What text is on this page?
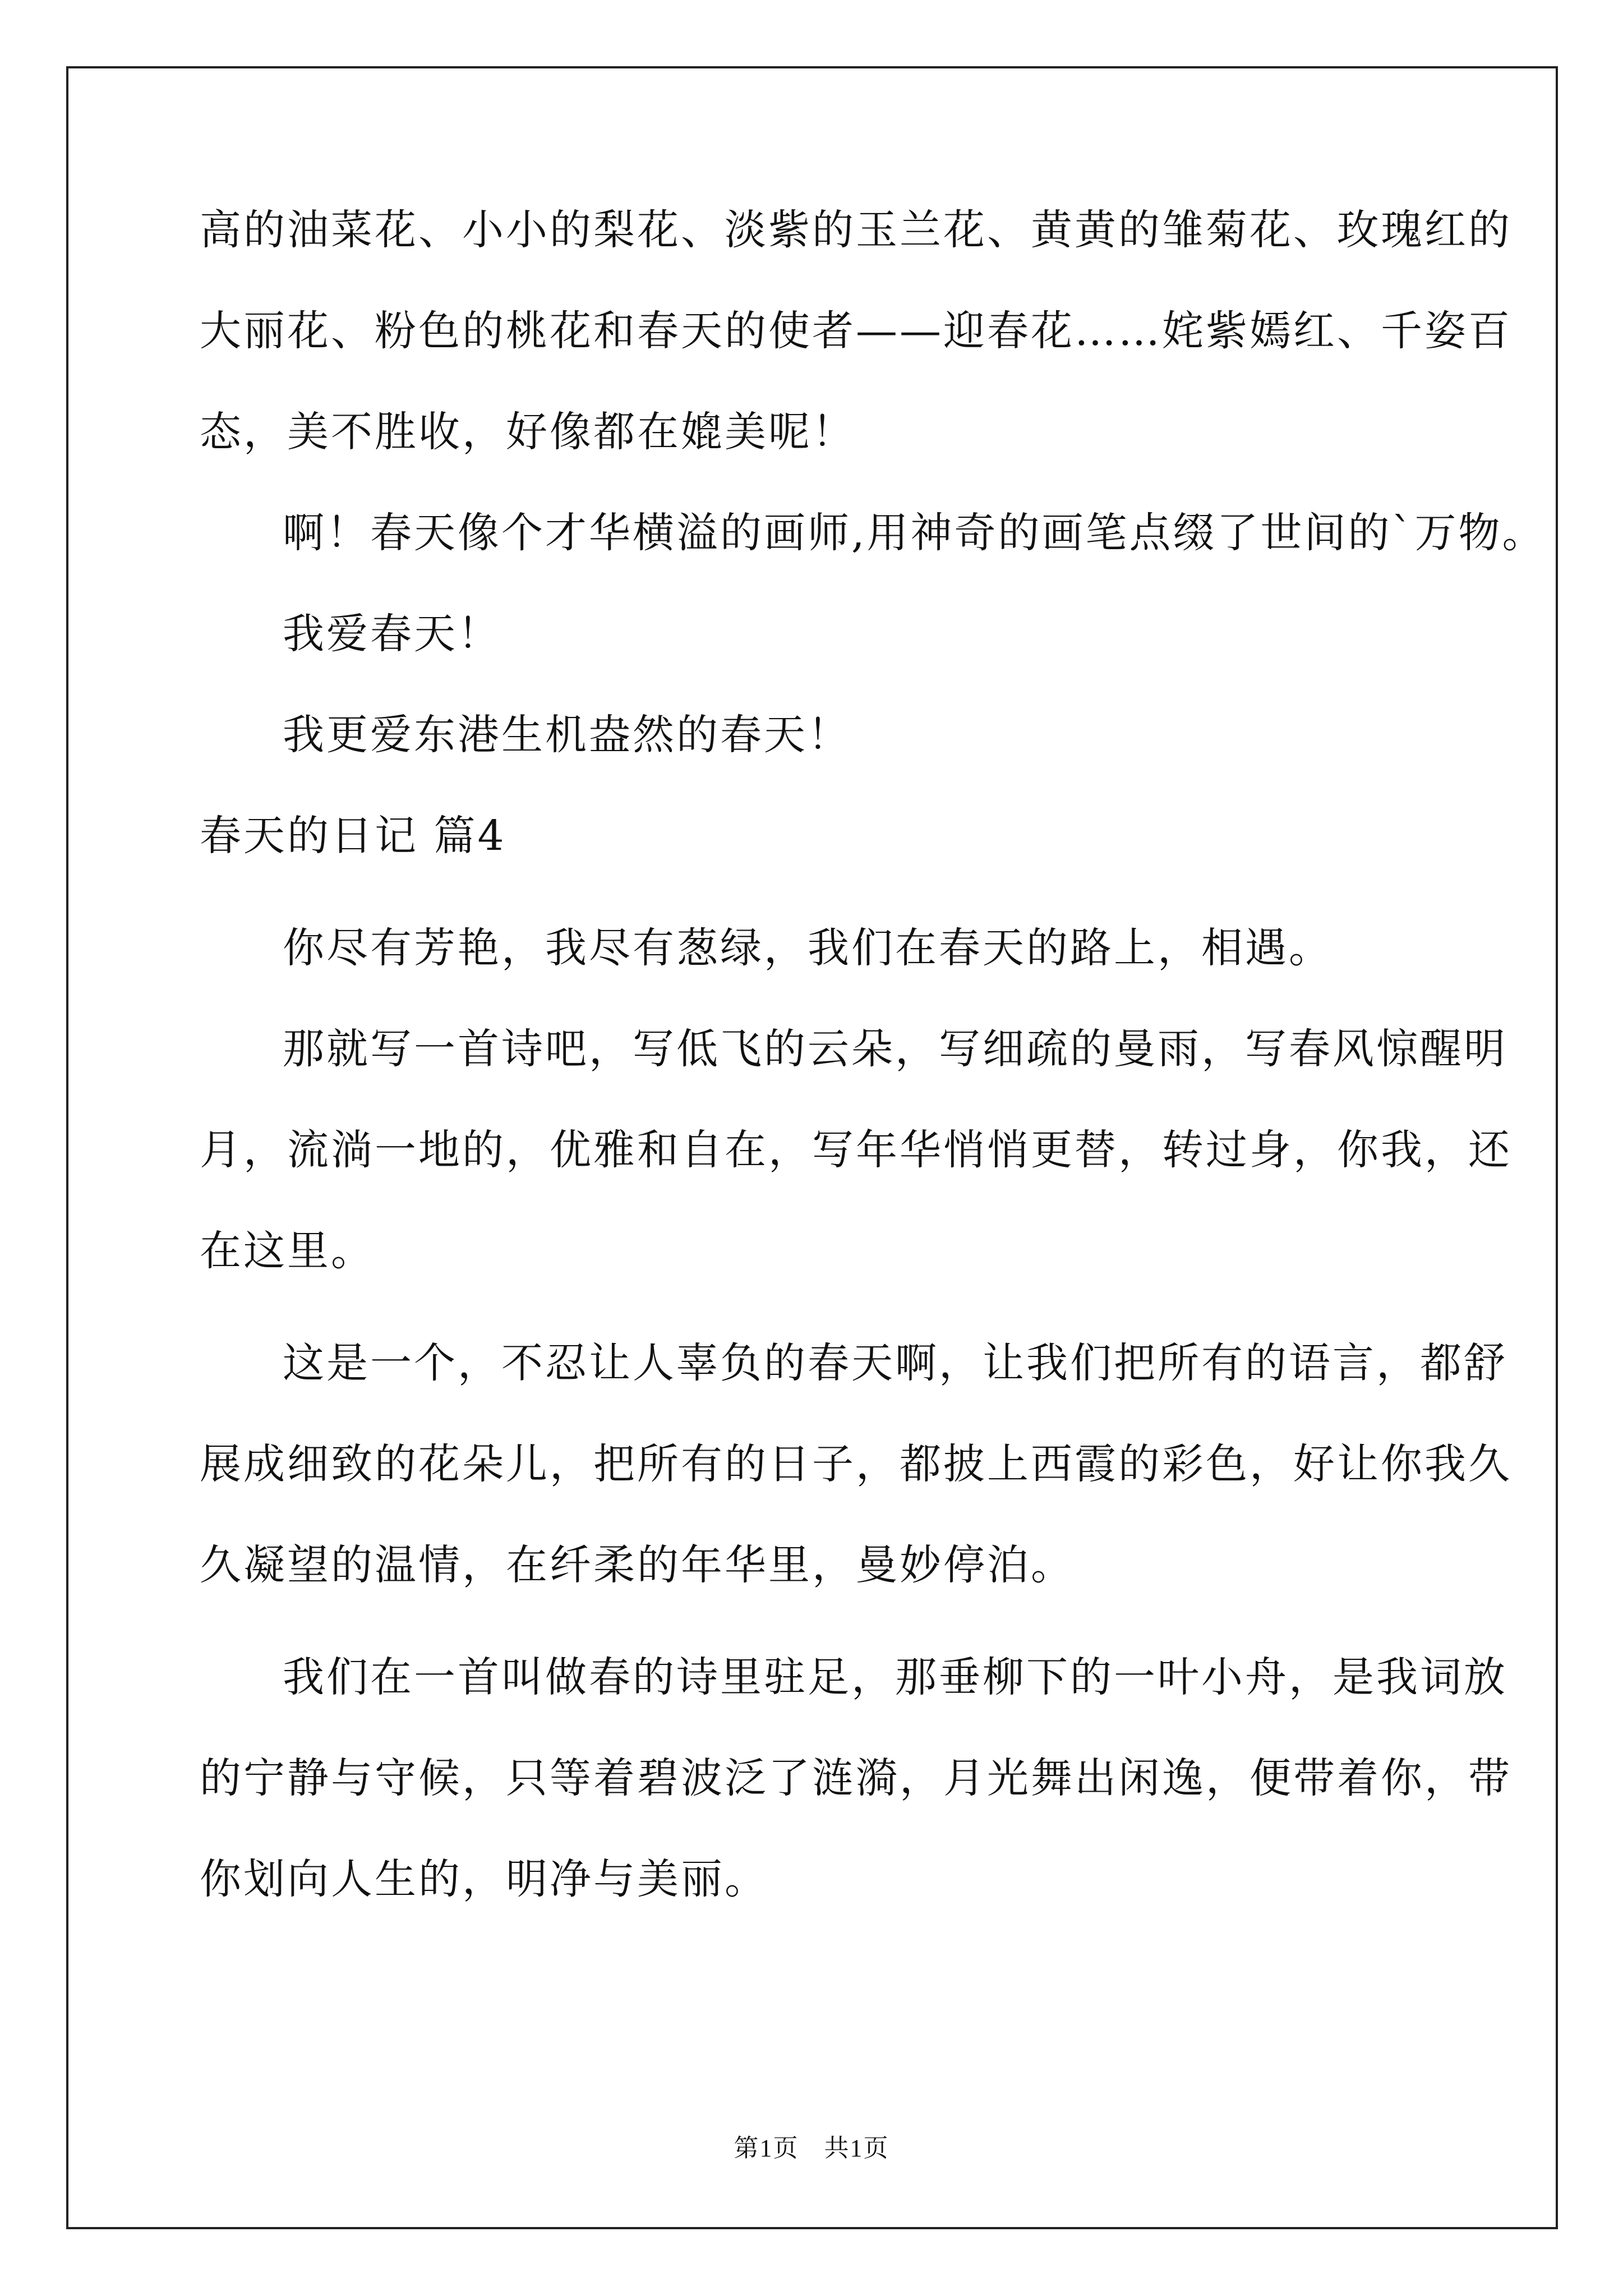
高的油菜花、小小的梨花、淡紫的玉兰花、黄黄的雏菊花、玫瑰红的
大丽花、粉色的桃花和春天的使者——迎春花……姹紫嫣红、千姿百
态，美不胜收，好像都在媲美呢！
啊！春天像个才华横溢的画师,用神奇的画笔点缀了世间的`万物。
我爱春天！
我更爱东港生机盎然的春天！
春天的日记 篇4
你尽有芳艳，我尽有葱绿，我们在春天的路上，相遇。
那就写一首诗吧，写低飞的云朵，写细疏的曼雨，写春风惊醒明
月，流淌一地的，优雅和自在，写年华悄悄更替，转过身，你我，还
在这里。
这是一个，不忍让人辜负的春天啊，让我们把所有的语言，都舒
展成细致的花朵儿，把所有的日子，都披上西霞的彩色，好让你我久
久凝望的温情，在纤柔的年华里，曼妙停泊。
我们在一首叫做春的诗里驻足，那垂柳下的一叶小舟，是我词放
的宁静与守候，只等着碧波泛了涟漪，月光舞出闲逸，便带着你，带
你划向人生的，明净与美丽。
第1页 共1页
